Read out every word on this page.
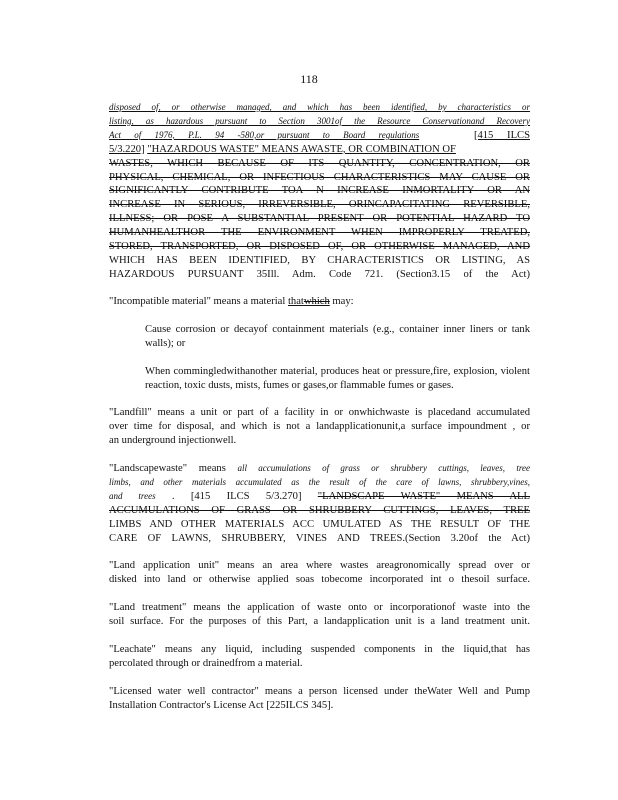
118
disposed of, or otherwise managed, and which has been identified, by characteristics or
listing, as hazardous pursuant to Section 3001of the Resource Conservationand Recovery
Act of 1976, P.L. 94 -580,or pursuant to Board regulations	[415 ILCS
5/3.220] "HAZARDOUS WASTE" MEANS AWASTE, OR COMBINATION OF
WASTES, WHICH BECAUSE OF ITS QUANTITY, CONCENTRATION, OR
PHYSICAL, CHEMICAL, OR INFECTIOUS CHARACTERISTICS MAY CAUSE OR
SIGNIFICANTLY CONTRIBUTE TOA N INCREASE INMORTALITY OR AN
INCREASE IN SERIOUS, IRREVERSIBLE, ORINCAPACITATING REVERSIBLE,
ILLNESS; OR POSE A SUBSTANTIAL PRESENT OR POTENTIAL HAZARD TO
HUMANHEALTHOR THE ENVIRONMENT WHEN IMPROPERLY TREATED,
STORED, TRANSPORTED, OR DISPOSED OF, OR OTHERWISE MANAGED, AND
WHICH HAS BEEN IDENTIFIED, BY CHARACTERISTICS OR LISTING, AS
HAZARDOUS PURSUANT 35Ill. Adm. Code 721. (Section3.15 of the Act)
"Incompatible material" means a material thatwhich may:
Cause corrosion or decayof containment materials (e.g., container inner liners or tank walls); or
When commingledwithanother material, produces heat or pressure,fire, explosion, violent reaction, toxic dusts, mists, fumes or gases,or flammable fumes or gases.
"Landfill" means a unit or part of a facility in or onwhichwaste is placedand accumulated
over time for disposal, and which is not a landapplicationunit,a surface impoundment , or
an underground injectionwell.
"Landscapewaste" means all accumulations of grass or shrubbery cuttings, leaves, tree
limbs, and other materials accumulated as the result of the care of lawns, shrubbery,vines,
and trees . [415 ILCS 5/3.270] "LANDSCAPE WASTE" MEANS ALL
ACCUMULATIONS OF GRASS OR SHRUBBERY CUTTINGS, LEAVES, TREE
LIMBS AND OTHER MATERIALS ACC UMULATED AS THE RESULT OF THE
CARE OF LAWNS, SHRUBBERY, VINES AND TREES.(Section 3.20of the Act)
"Land application unit" means an area where wastes areagronomically spread over or
disked into land or otherwise applied soas tobecome incorporated int o thesoil surface.
"Land treatment" means the application of waste onto or incorporationof waste into the
soil surface. For the purposes of this Part, a landapplication unit is a land treatment unit.
"Leachate" means any liquid, including suspended components in the liquid,that has
percolated through or drainedfrom a material.
"Licensed water well contractor" means a person licensed under theWater Well and Pump
Installation Contractor's License Act [225ILCS 345].
